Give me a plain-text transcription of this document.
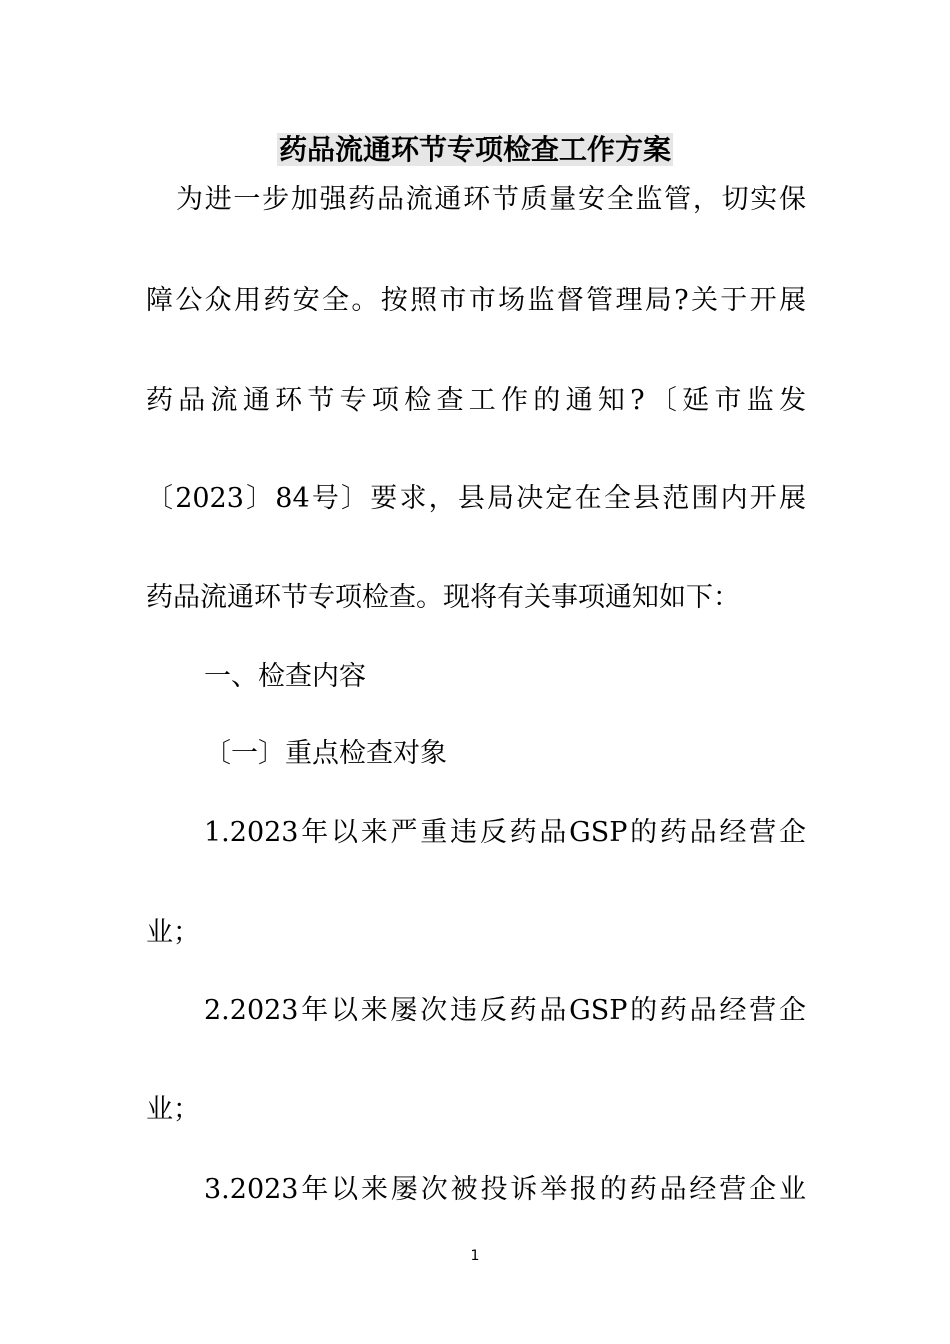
药品流通环节专项检查工作方案
为进一步加强药品流通环节质量安全监管，切实保
障公众用药安全。按照市市场监督管理局?关于开展
药品流通环节专项检查工作的通知?〔延市监发
〔2023〕84号〕要求，县局决定在全县范围内开展
药品流通环节专项检查。现将有关事项通知如下：
一、检查内容
〔一〕重点检查对象
1.2023年以来严重违反药品GSP的药品经营企
业；
2.2023年以来屡次违反药品GSP的药品经营企
业；
3.2023年以来屡次被投诉举报的药品经营企业
1
